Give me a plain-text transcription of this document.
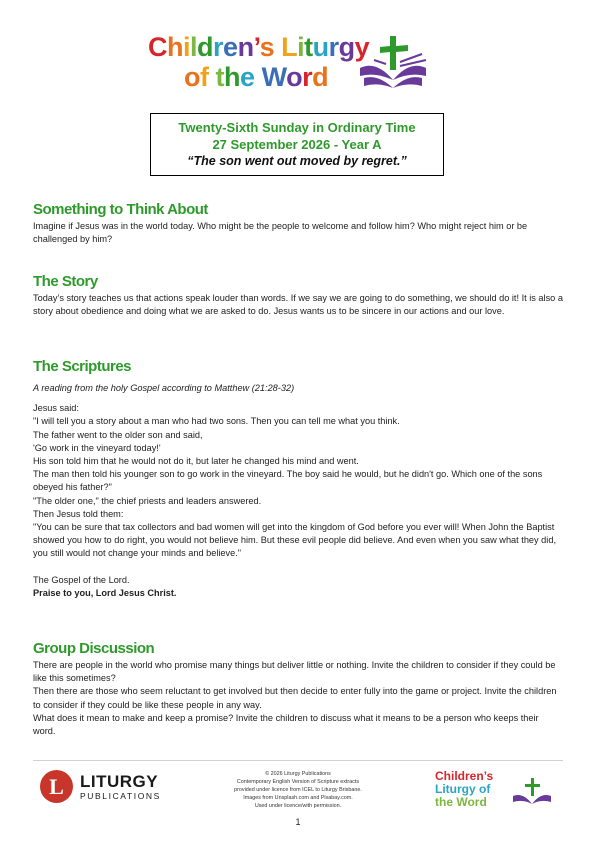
Children’s Liturgy
of the Word
Twenty-Sixth Sunday in Ordinary Time
27 September 2026 - Year A
“The son went out moved by regret.”
Something to Think About

Imagine if Jesus was in the world today. Who might be the people to welcome and follow him? Who might reject him or be challenged by him?

The Story

Today’s story teaches us that actions speak louder than words. If we say we are going to do something, we should do it! It is also a story about obedience and doing what we are asked to do. Jesus wants us to be sincere in our actions and our love.

The Scriptures

A reading from the holy Gospel according to Matthew (21:28-32)

Jesus said:

"I will tell you a story about a man who had two sons. Then you can tell me what you think.

The father went to the older son and said,

'Go work in the vineyard today!'

His son told him that he would not do it, but later he changed his mind and went.

The man then told his younger son to go work in the vineyard. The boy said he would, but he didn't go. Which one of the sons obeyed his father?"

"The older one," the chief priests and leaders answered.

Then Jesus told them:

"You can be sure that tax collectors and bad women will get into the kingdom of God before you ever will! When John the Baptist showed you how to do right, you would not believe him. But these evil people did believe. And even when you saw what they did, you still would not change your minds and believe."

The Gospel of the Lord.

Praise to you, Lord Jesus Christ.

Group Discussion

There are people in the world who promise many things but deliver little or nothing. Invite the children to consider if they could be like this sometimes?

Then there are those who seem reluctant to get involved but then decide to enter fully into the game or project. Invite the children to consider if they could be like these people in any way.

What does it mean to make and keep a promise? Invite the children to discuss what it means to be a person who keeps their word.

L LITURGY
PUBLICATIONS
© 2026 Liturgy Publications
Contemporary English Version of Scripture extracts
provided under licence from ICEL to Liturgy Brisbane.
Images from Unsplash.com and Pixabay.com.
Used under licence/with permission.
1
Children’s
Liturgy of
the Word
